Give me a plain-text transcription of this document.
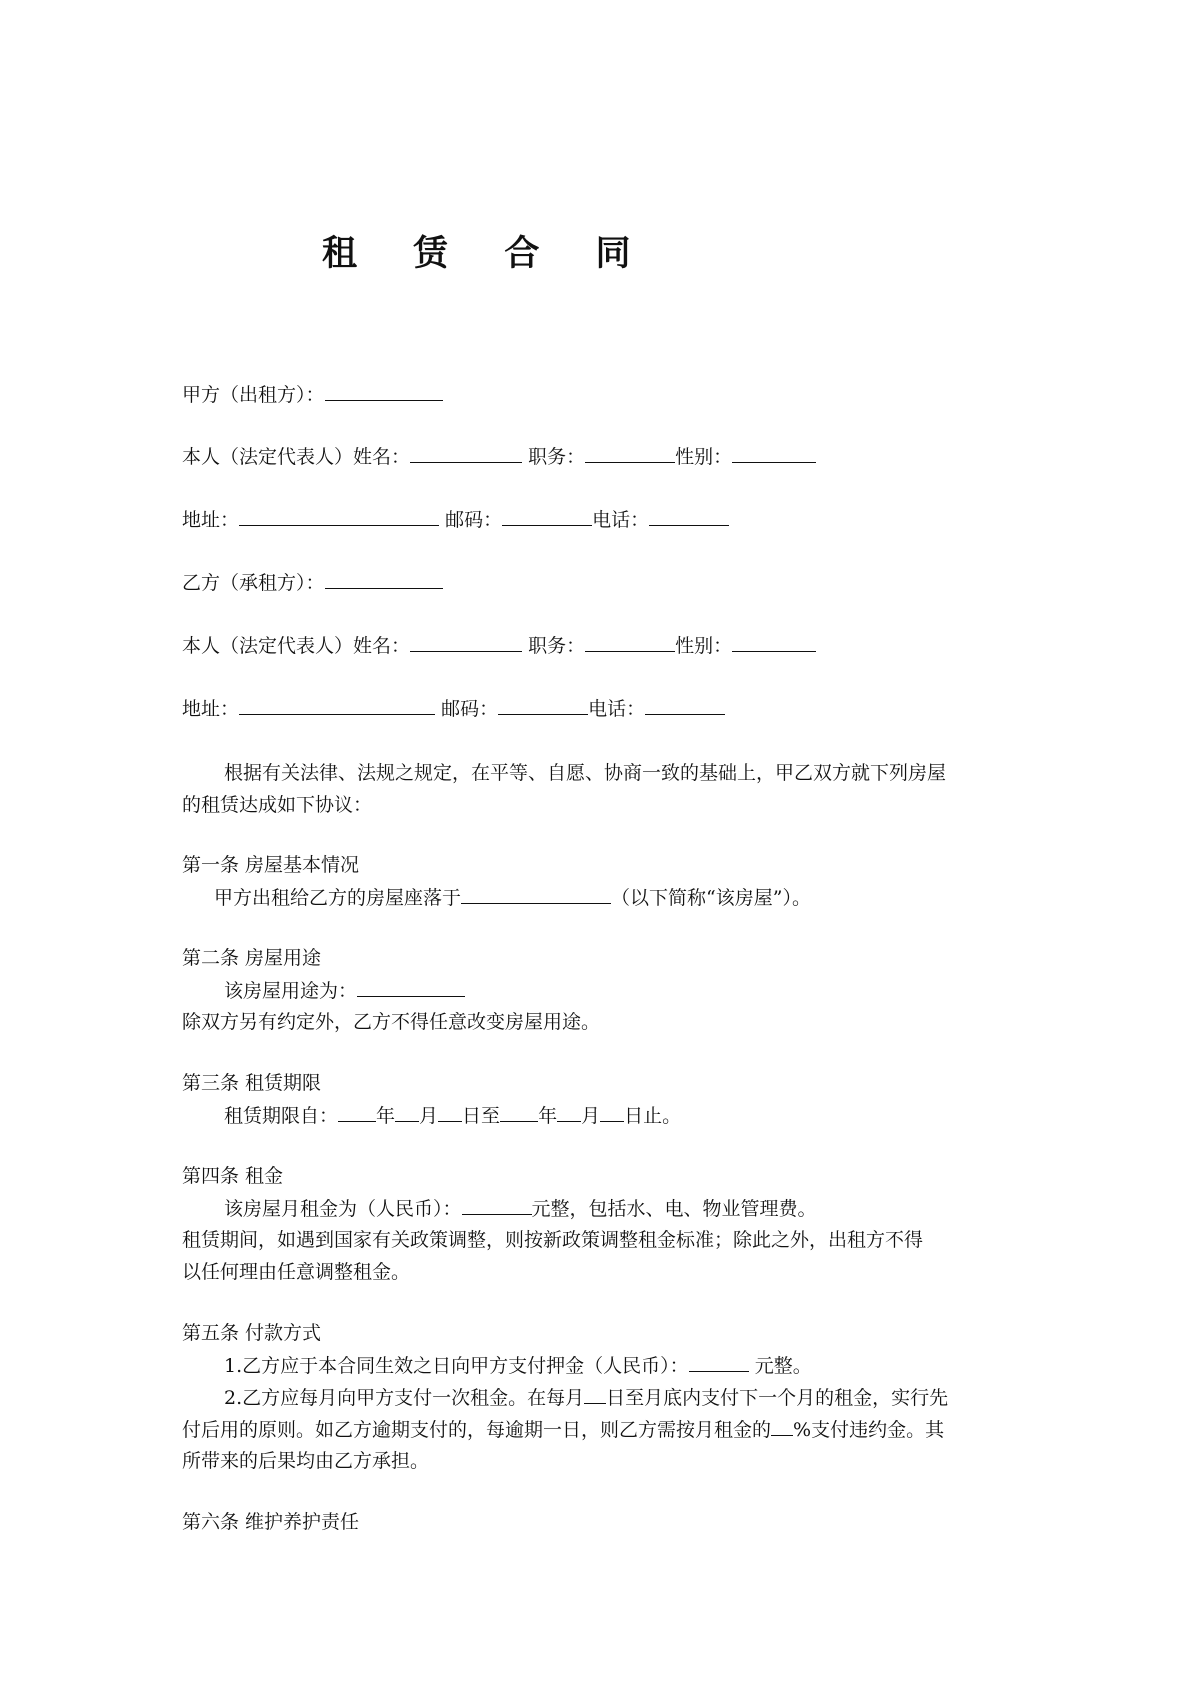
租 赁 合 同
甲方（出租方）：
本人（法定代表人）姓名：	职务：	性别：
地址：	邮码：	电话：
乙方（承租方）：
本人（法定代表人）姓名：	职务：	性别：
地址：	邮码：	电话：
根据有关法律、法规之规定，在平等、自愿、协商一致的基础上，甲乙双方就下列房屋
的租赁达成如下协议：
第一条 房屋基本情况
甲方出租给乙方的房屋座落于	（以下简称“该房屋”）。
第二条 房屋用途
该房屋用途为：
除双方另有约定外，乙方不得任意改变房屋用途。
第三条 租赁期限
租赁期限自： 年 月 日至 年 月 日止。
第四条 租金
该房屋月租金为（人民币）：	元整，包括水、电、物业管理费。
租赁期间，如遇到国家有关政策调整，则按新政策调整租金标准；除此之外，出租方不得
以任何理由任意调整租金。
第五条 付款方式
1.乙方应于本合同生效之日向甲方支付押金（人民币）：	元整。
2.乙方应每月向甲方支付一次租金。在每月 日至月底内支付下一个月的租金，实行先
付后用的原则。如乙方逾期支付的，每逾期一日，则乙方需按月租金的 %支付违约金。其
所带来的后果均由乙方承担。
第六条 维护养护责任
